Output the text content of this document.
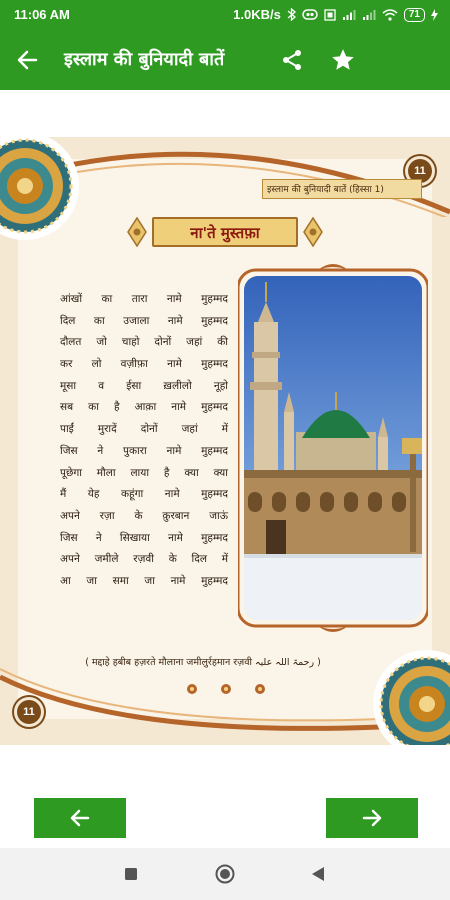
11:06 AM	1.0KB/s	71
इस्लाम की बुनियादी बातें
11
11
इस्लाम की बुनियादी बातें (हिस्सा 1)
ना'ते मुस्तफ़ा
आंखों का तारा नामे मुहम्मद
दिल का उजाला नामे मुहम्मद
दौलत जो चाहो दोनों जहां की
कर लो वज़ीफ़ा नामे मुहम्मद
मूसा व ईसा ख़लीलो नूहो
सब का है आक़ा नामे मुहम्मद
पाईं मुरादें दोनों जहां में
जिस ने पुकारा नामे मुहम्मद
पूछेगा मौला लाया है क्या क्या
मैं येह कहूंगा नामे मुहम्मद
अपने रज़ा के क़ुरबान जाऊं
जिस ने सिखाया नामे मुहम्मद
अपने जमीले रज़वी के दिल में
आ जा समा जा नामे मुहम्मद
( मद्दाहे हबीब हज़रते मौलाना जमीलुर्रहमान रज़वी رحمۃ اللہ علیہ )
